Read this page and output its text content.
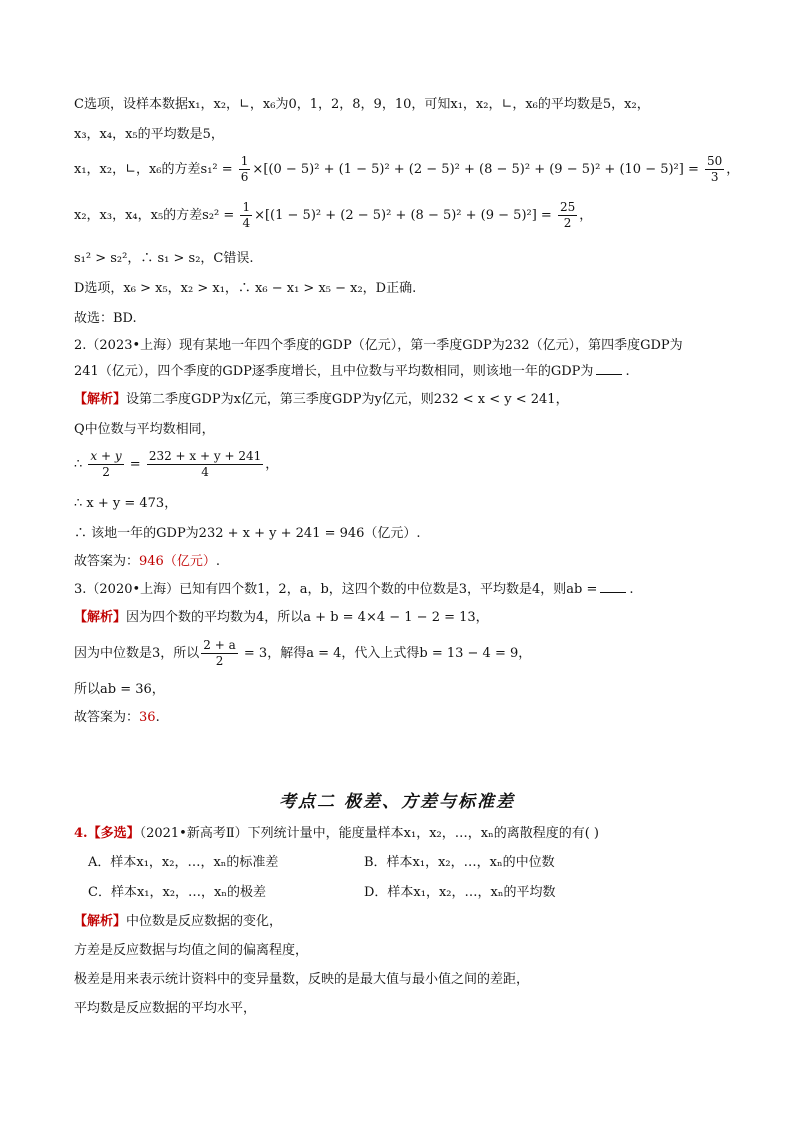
C选项，设样本数据x₁，x₂，∟，x₆为0，1，2，8，9，10，可知x₁，x₂，∟，x₆的平均数是5，x₂，
x₃，x₄，x₅的平均数是5，
x₁，x₂，∟，x₆的方差$s_1^2 = \frac{1}{6} \times[(0 - 5)^2 + (1 - 5)^2 + (2 - 5)^2 + (8 - 5)^2 + (9 - 5)^2 + (10 - 5)^2] = \frac{50}{3}$ ，
x₂，x₃，x₄，x₅的方差$s_2^2 = \frac{1}{4} \times[(1 - 5)^2 + (2 - 5)^2 + (8 - 5)^2 + (9 - 5)^2] = \frac{25}{2}$ ，
s₁² > s₂²，∴ s₁ > s₂，C错误.
D选项，x₆ > x₅，x₂ > x₁，∴ x₆ − x₁ > x₅ − x₂，D正确.
故选：BD.
2.（2023•上海）现有某地一年四个季度的GDP（亿元），第一季度GDP为232（亿元），第四季度GDP为
241（亿元），四个季度的GDP逐季度增长，且中位数与平均数相同，则该地一年的GDP为 .
【解析】设第二季度GDP为x亿元，第三季度GDP为y亿元，则232 < x < y < 241，
Q中位数与平均数相同，
∴ $\frac{x + y}{2} = \frac{232 + x + y + 241}{4}$ ，
∴ x + y = 473，
∴ 该地一年的GDP为232 + x + y + 241 = 946（亿元）.
故答案为：946（亿元）.
3.（2020•上海）已知有四个数1，2，a，b，这四个数的中位数是3，平均数是4，则ab = .
【解析】因为四个数的平均数为4，所以a + b = 4×4 − 1 − 2 = 13，
因为中位数是3，所以 $\frac{2 + a}{2} = 3$，解得a = 4，代入上式得b = 13 − 4 = 9，
所以ab = 36，
故答案为：36.
考点二 极差、方差与标准差
4.【多选】（2021•新高考Ⅱ）下列统计量中，能度量样本x₁，x₂，…，xₙ的离散程度的有( )
A．样本x₁，x₂，…，xₙ的标准差	B．样本x₁，x₂，…，xₙ的中位数
C．样本x₁，x₂，…，xₙ的极差	D．样本x₁，x₂，…，xₙ的平均数
【解析】中位数是反应数据的变化，
方差是反应数据与均值之间的偏离程度，
极差是用来表示统计资料中的变异量数，反映的是最大值与最小值之间的差距，
平均数是反应数据的平均水平，
